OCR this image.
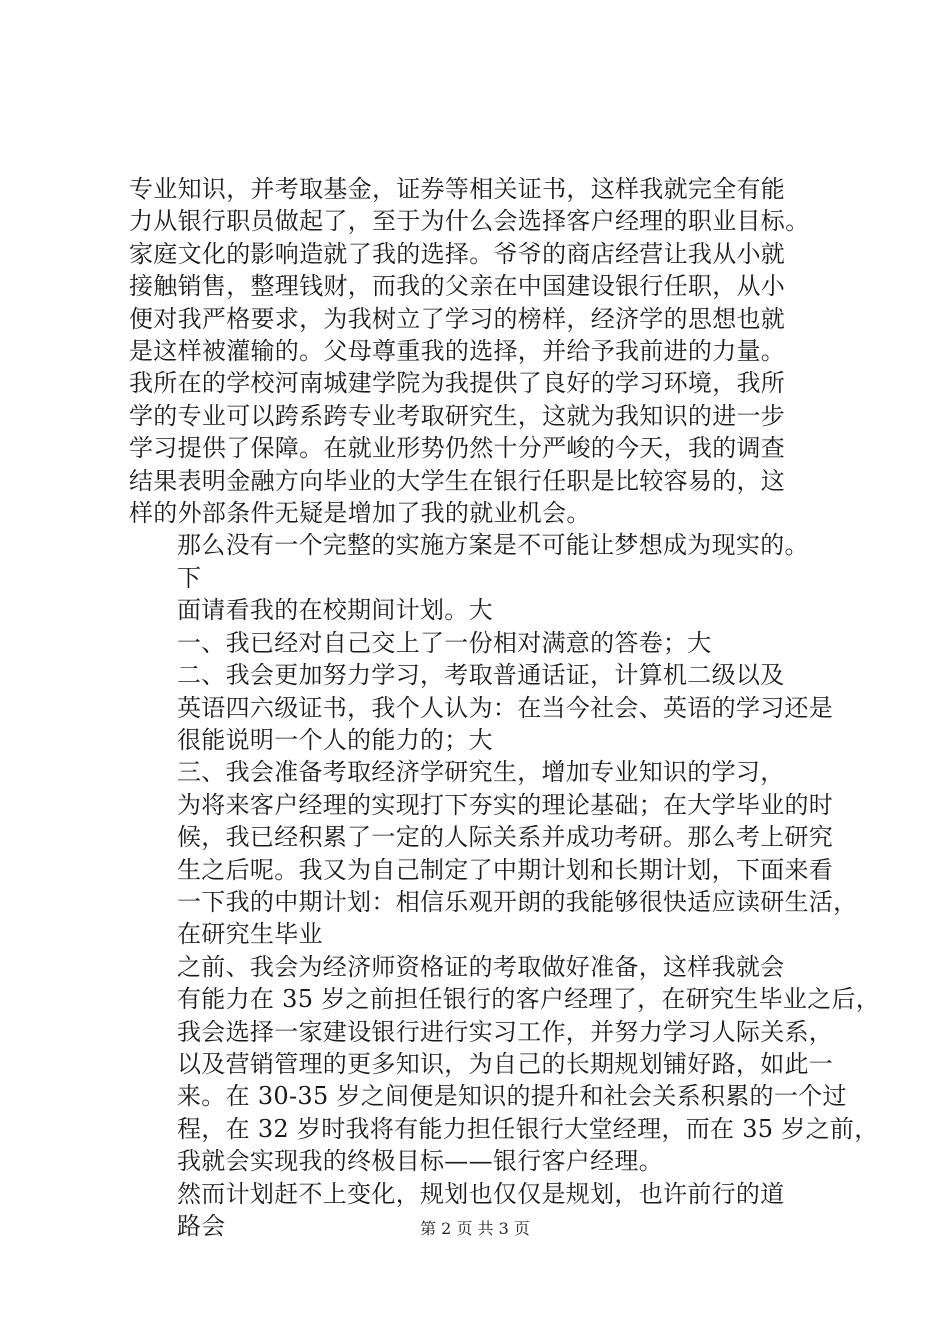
专业知识，并考取基金，证券等相关证书，这样我就完全有能
力从银行职员做起了，至于为什么会选择客户经理的职业目标。
家庭文化的影响造就了我的选择。爷爷的商店经营让我从小就
接触销售，整理钱财，而我的父亲在中国建设银行任职，从小
便对我严格要求，为我树立了学习的榜样，经济学的思想也就
是这样被灌输的。父母尊重我的选择，并给予我前进的力量。
我所在的学校河南城建学院为我提供了良好的学习环境，我所
学的专业可以跨系跨专业考取研究生，这就为我知识的进一步
学习提供了保障。在就业形势仍然十分严峻的今天，我的调查
结果表明金融方向毕业的大学生在银行任职是比较容易的，这
样的外部条件无疑是增加了我的就业机会。
那么没有一个完整的实施方案是不可能让梦想成为现实的。
下
面请看我的在校期间计划。大
一、我已经对自己交上了一份相对满意的答卷；大
二、我会更加努力学习，考取普通话证，计算机二级以及
英语四六级证书，我个人认为：在当今社会、英语的学习还是
很能说明一个人的能力的；大
三、我会准备考取经济学研究生，增加专业知识的学习，
为将来客户经理的实现打下夯实的理论基础；在大学毕业的时
候，我已经积累了一定的人际关系并成功考研。那么考上研究
生之后呢。我又为自己制定了中期计划和长期计划，下面来看
一下我的中期计划：相信乐观开朗的我能够很快适应读研生活，
在研究生毕业
之前、我会为经济师资格证的考取做好准备，这样我就会
有能力在 35 岁之前担任银行的客户经理了，在研究生毕业之后，
我会选择一家建设银行进行实习工作，并努力学习人际关系，
以及营销管理的更多知识，为自己的长期规划铺好路，如此一
来。在 30-35 岁之间便是知识的提升和社会关系积累的一个过
程，在 32 岁时我将有能力担任银行大堂经理，而在 35 岁之前，
我就会实现我的终极目标——银行客户经理。
然而计划赶不上变化，规划也仅仅是规划，也许前行的道
路会	第 2 页 共 3 页
